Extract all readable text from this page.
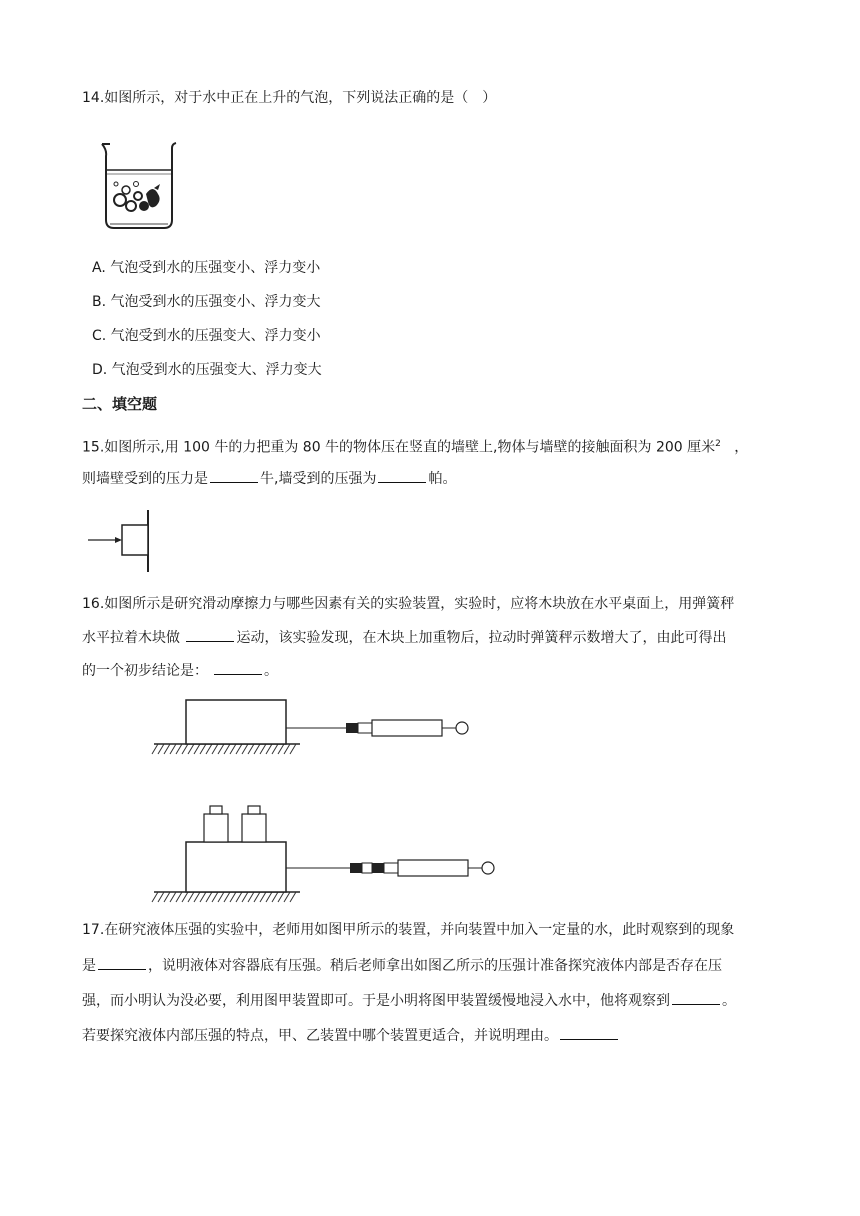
14.如图所示，对于水中正在上升的气泡，下列说法正确的是（　）
A. 气泡受到水的压强变小、浮力变小
B. 气泡受到水的压强变小、浮力变大
C. 气泡受到水的压强变大、浮力变小
D. 气泡受到水的压强变大、浮力变大
二、填空题
15.如图所示,用 100 牛的力把重为 80 牛的物体压在竖直的墙壁上,物体与墙壁的接触面积为 200 厘米$^2$ ，
则墙壁受到的压力是	牛,墙受到的压强为	帕。
16.如图所示是研究滑动摩擦力与哪些因素有关的实验装置，实验时，应将木块放在水平桌面上，用弹簧秤
水平拉着木块做	运动，该实验发现，在木块上加重物后，拉动时弹簧秤示数增大了，由此可得出
的一个初步结论是：	。
17.在研究液体压强的实验中，老师用如图甲所示的装置，并向装置中加入一定量的水，此时观察到的现象
是	，说明液体对容器底有压强。稍后老师拿出如图乙所示的压强计准备探究液体内部是否存在压
强，而小明认为没必要，利用图甲装置即可。于是小明将图甲装置缓慢地浸入水中，他将观察到	。
若要探究液体内部压强的特点，甲、乙装置中哪个装置更适合，并说明理由。
